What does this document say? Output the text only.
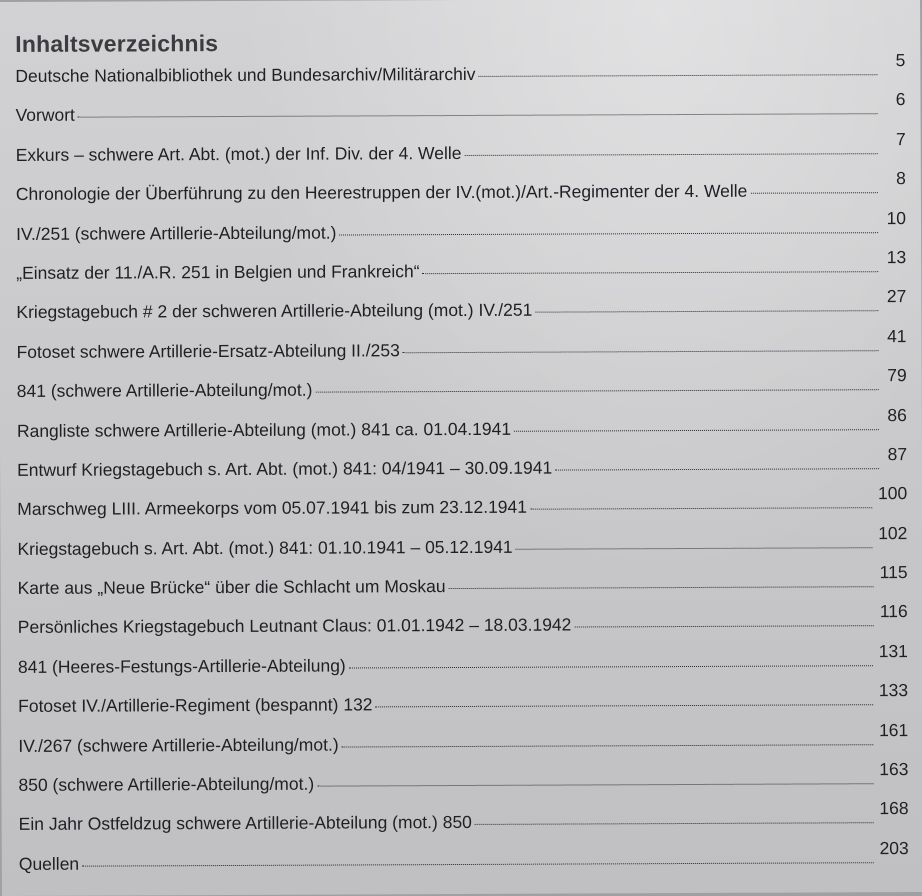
Inhaltsverzeichnis
Deutsche Nationalbibliothek und Bundesarchiv/Militärarchiv
5
Vorwort
6
Exkurs – schwere Art. Abt. (mot.) der Inf. Div. der 4. Welle
7
Chronologie der Überführung zu den Heerestruppen der IV.(mot.)/Art.-Regimenter der 4. Welle
8
IV./251 (schwere Artillerie-Abteilung/mot.)
10
„Einsatz der 11./A.R. 251 in Belgien und Frankreich“
13
Kriegstagebuch # 2 der schweren Artillerie-Abteilung (mot.) IV./251
27
Fotoset schwere Artillerie-Ersatz-Abteilung II./253
41
841 (schwere Artillerie-Abteilung/mot.)
79
Rangliste schwere Artillerie-Abteilung (mot.) 841 ca. 01.04.1941
86
Entwurf Kriegstagebuch s. Art. Abt. (mot.) 841: 04/1941 – 30.09.1941
87
Marschweg LIII. Armeekorps vom 05.07.1941 bis zum 23.12.1941
100
Kriegstagebuch s. Art. Abt. (mot.) 841: 01.10.1941 – 05.12.1941
102
Karte aus „Neue Brücke“ über die Schlacht um Moskau
115
Persönliches Kriegstagebuch Leutnant Claus: 01.01.1942 – 18.03.1942
116
841 (Heeres-Festungs-Artillerie-Abteilung)
131
Fotoset IV./Artillerie-Regiment (bespannt) 132
133
IV./267 (schwere Artillerie-Abteilung/mot.)
161
850 (schwere Artillerie-Abteilung/mot.)
163
Ein Jahr Ostfeldzug schwere Artillerie-Abteilung (mot.) 850
168
Quellen
203
